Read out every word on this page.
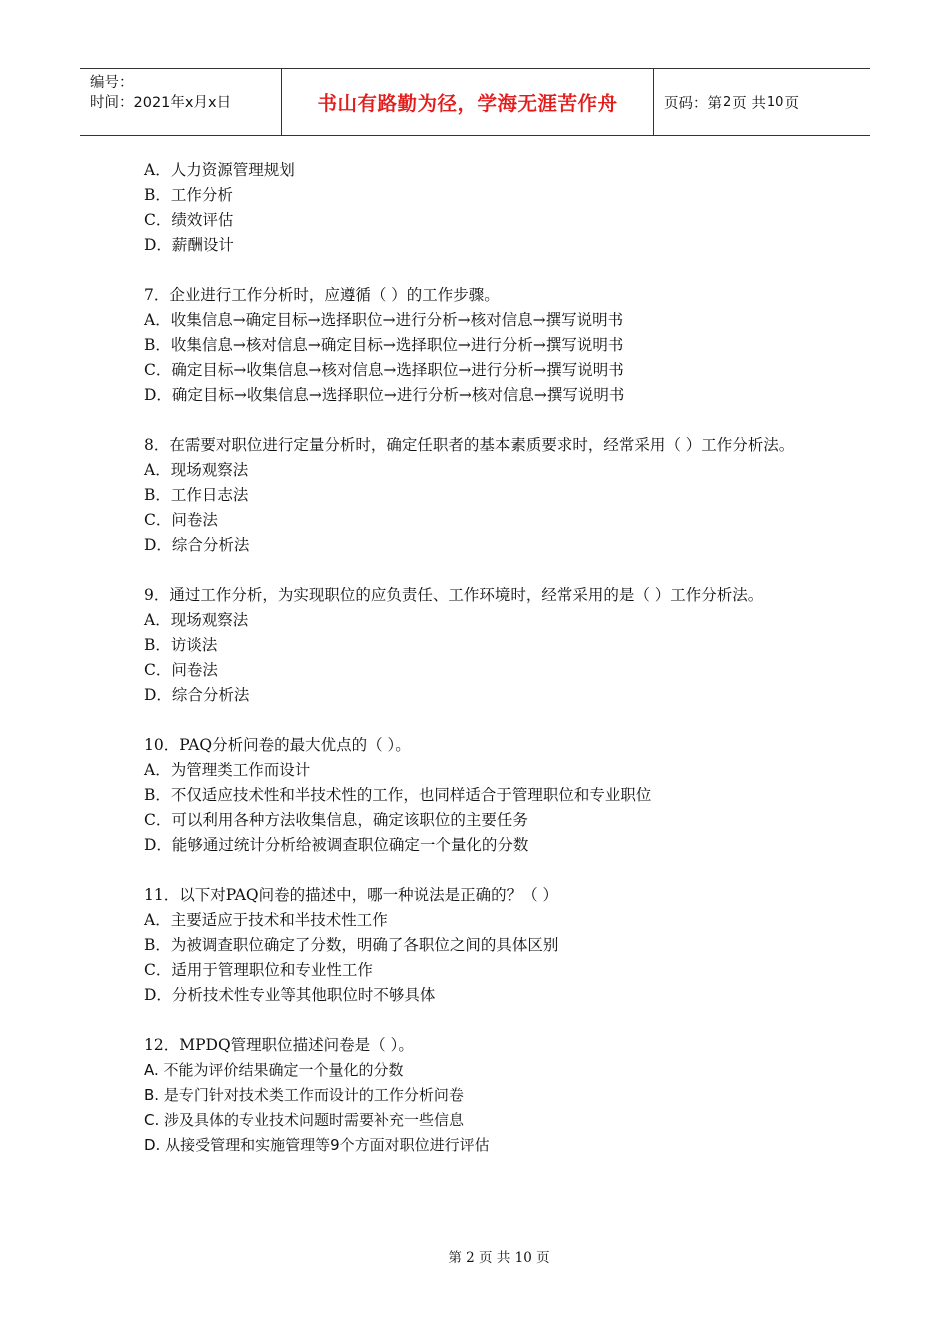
编号：
时间：2021年x月x日	书山有路勤为径，学海无涯苦作舟	页码：第 2 页 共 10 页
A．人力资源管理规划
B．工作分析
C．绩效评估
D．薪酬设计
7．企业进行工作分析时，应遵循（ ）的工作步骤。
A．收集信息→确定目标→选择职位→进行分析→核对信息→撰写说明书
B．收集信息→核对信息→确定目标→选择职位→进行分析→撰写说明书
C．确定目标→收集信息→核对信息→选择职位→进行分析→撰写说明书
D．确定目标→收集信息→选择职位→进行分析→核对信息→撰写说明书
8．在需要对职位进行定量分析时，确定任职者的基本素质要求时，经常采用（ ）工作分析法。
A．现场观察法
B．工作日志法
C．问卷法
D．综合分析法
9．通过工作分析，为实现职位的应负责任、工作环境时，经常采用的是（ ）工作分析法。
A．现场观察法
B．访谈法
C．问卷法
D．综合分析法
10．PAQ分析问卷的最大优点的（ ）。
A．为管理类工作而设计
B．不仅适应技术性和半技术性的工作，也同样适合于管理职位和专业职位
C．可以利用各种方法收集信息，确定该职位的主要任务
D．能够通过统计分析给被调查职位确定一个量化的分数
11．以下对PAQ问卷的描述中，哪一种说法是正确的？（ ）
A．主要适应于技术和半技术性工作
B．为被调查职位确定了分数，明确了各职位之间的具体区别
C．适用于管理职位和专业性工作
D．分析技术性专业等其他职位时不够具体
12．MPDQ管理职位描述问卷是（ ）。
A. 不能为评价结果确定一个量化的分数
B. 是专门针对技术类工作而设计的工作分析问卷
C. 涉及具体的专业技术问题时需要补充一些信息
D. 从接受管理和实施管理等9个方面对职位进行评估
第 2 页 共 10 页
